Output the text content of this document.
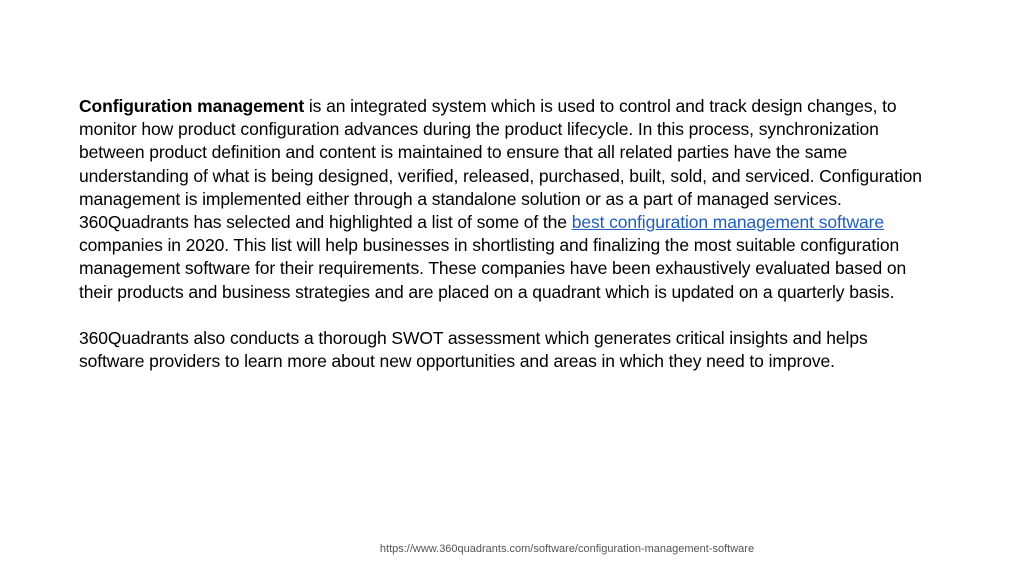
Configuration management is an integrated system which is used to control and track design changes, to monitor how product configuration advances during the product lifecycle. In this process, synchronization between product definition and content is maintained to ensure that all related parties have the same understanding of what is being designed, verified, released, purchased, built, sold, and serviced. Configuration management is implemented either through a standalone solution or as a part of managed services.

360Quadrants has selected and highlighted a list of some of the best configuration management software companies in 2020. This list will help businesses in shortlisting and finalizing the most suitable configuration management software for their requirements. These companies have been exhaustively evaluated based on their products and business strategies and are placed on a quadrant which is updated on a quarterly basis.

360Quadrants also conducts a thorough SWOT assessment which generates critical insights and helps software providers to learn more about new opportunities and areas in which they need to improve.

https://www.360quadrants.com/software/configuration-management-software
